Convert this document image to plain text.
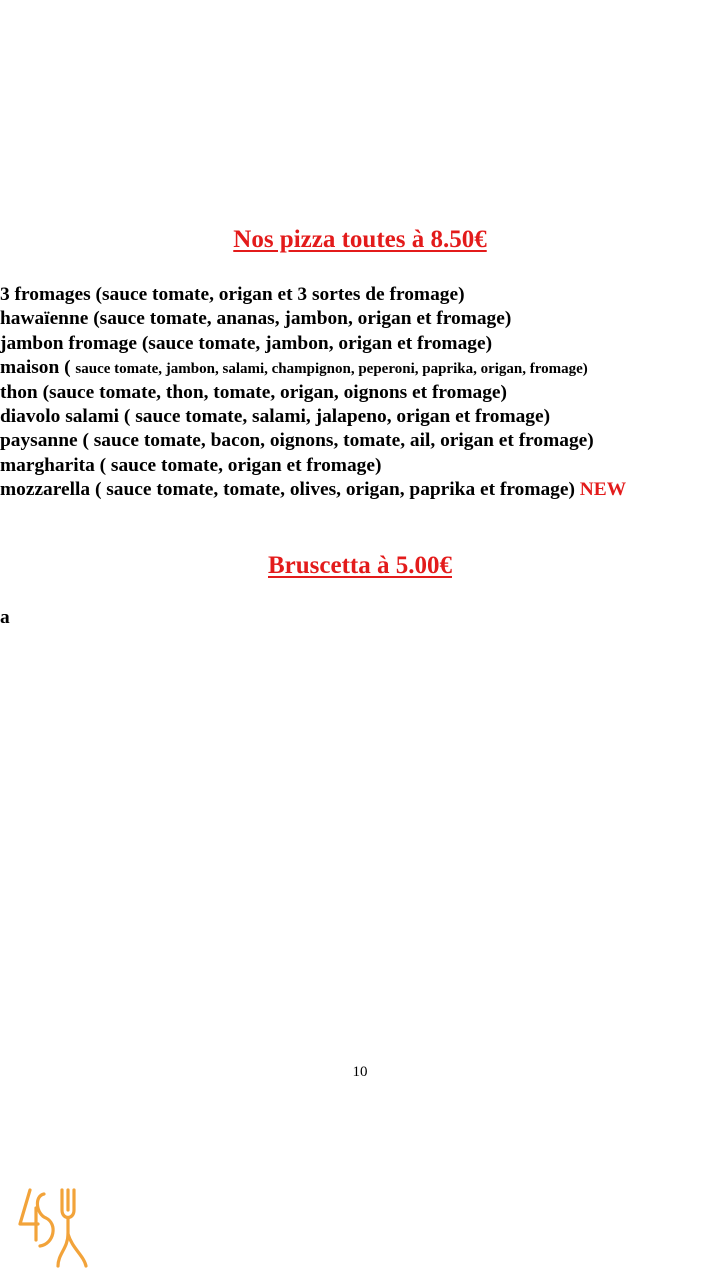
Nos pizza toutes à 8.50€
3 fromages (sauce tomate, origan et 3 sortes de fromage)
hawaïenne (sauce tomate, ananas, jambon, origan et fromage)
jambon fromage (sauce tomate, jambon, origan et fromage)
maison ( sauce tomate, jambon, salami, champignon, peperoni, paprika, origan, fromage)
thon (sauce tomate, thon, tomate, origan, oignons et fromage)
diavolo salami ( sauce tomate, salami, jalapeno, origan et fromage)
paysanne ( sauce tomate, bacon, oignons, tomate, ail, origan et fromage)
margharita ( sauce tomate, origan et fromage)
mozzarella ( sauce tomate, tomate, olives, origan, paprika et fromage) NEW
Bruscetta à 5.00€
a
10
